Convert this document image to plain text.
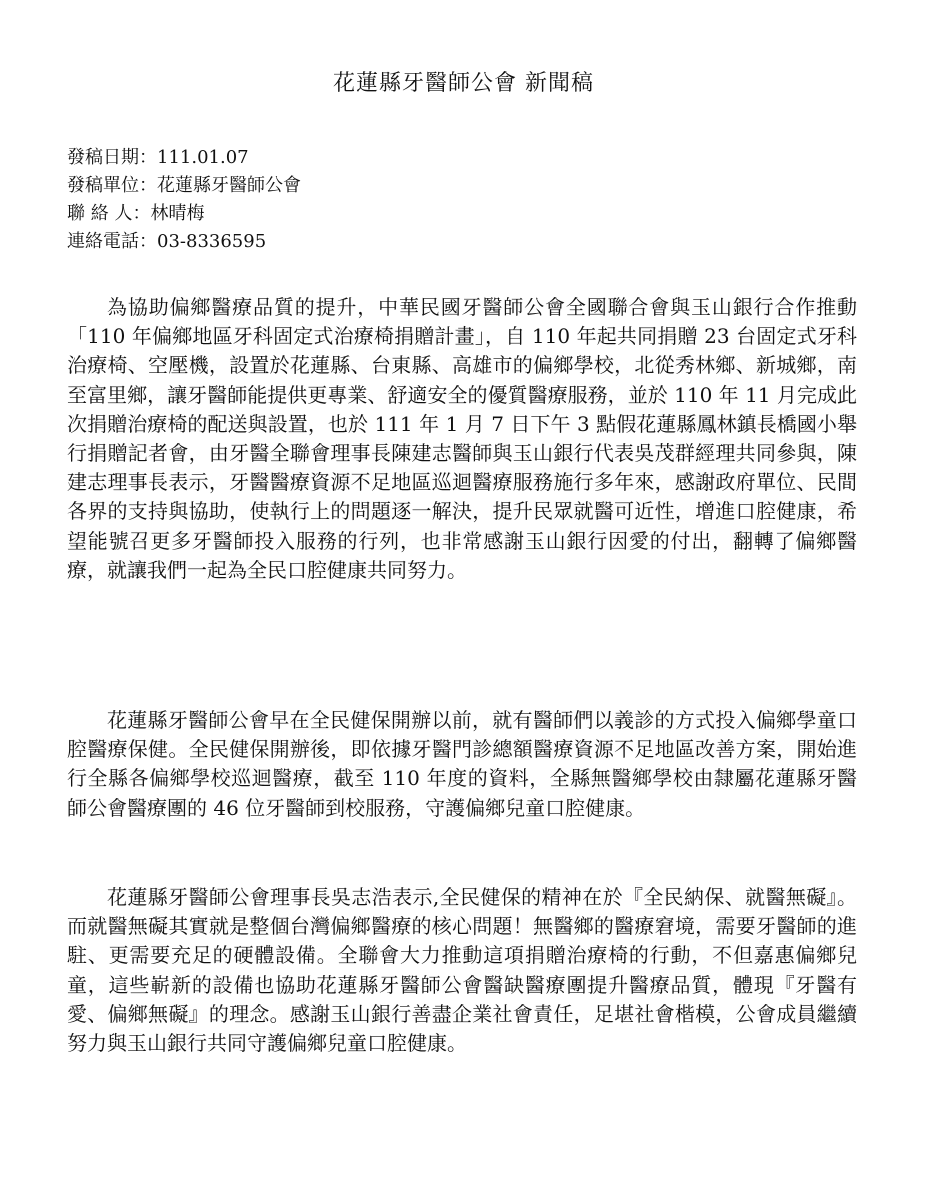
花蓮縣牙醫師公會 新聞稿
發稿日期：111.01.07
發稿單位：花蓮縣牙醫師公會
聯 絡 人：林晴梅
連絡電話：03-8336595

為協助偏鄉醫療品質的提升，中華民國牙醫師公會全國聯合會與玉山銀行合作推動「110 年偏鄉地區牙科固定式治療椅捐贈計畫」，自 110 年起共同捐贈 23 台固定式牙科治療椅、空壓機，設置於花蓮縣、台東縣、高雄市的偏鄉學校，北從秀林鄉、新城鄉，南至富里鄉，讓牙醫師能提供更專業、舒適安全的優質醫療服務，並於 110 年 11 月完成此次捐贈治療椅的配送與設置，也於 111 年 1 月 7 日下午 3 點假花蓮縣鳳林鎮長橋國小舉行捐贈記者會，由牙醫全聯會理事長陳建志醫師與玉山銀行代表吳茂群經理共同參與，陳建志理事長表示，牙醫醫療資源不足地區巡迴醫療服務施行多年來，感謝政府單位、民間各界的支持與協助，使執行上的問題逐一解決，提升民眾就醫可近性，增進口腔健康，希望能號召更多牙醫師投入服務的行列，也非常感謝玉山銀行因愛的付出，翻轉了偏鄉醫療，就讓我們一起為全民口腔健康共同努力。

花蓮縣牙醫師公會早在全民健保開辦以前，就有醫師們以義診的方式投入偏鄉學童口腔醫療保健。全民健保開辦後，即依據牙醫門診總額醫療資源不足地區改善方案，開始進行全縣各偏鄉學校巡迴醫療，截至 110 年度的資料，全縣無醫鄉學校由隸屬花蓮縣牙醫師公會醫療團的 46 位牙醫師到校服務，守護偏鄉兒童口腔健康。

花蓮縣牙醫師公會理事長吳志浩表示,全民健保的精神在於『全民納保、就醫無礙』。而就醫無礙其實就是整個台灣偏鄉醫療的核心問題！無醫鄉的醫療窘境，需要牙醫師的進駐、更需要充足的硬體設備。全聯會大力推動這項捐贈治療椅的行動，不但嘉惠偏鄉兒童，這些嶄新的設備也協助花蓮縣牙醫師公會醫缺醫療團提升醫療品質，體現『牙醫有愛、偏鄉無礙』的理念。感謝玉山銀行善盡企業社會責任，足堪社會楷模，公會成員繼續努力與玉山銀行共同守護偏鄉兒童口腔健康。
